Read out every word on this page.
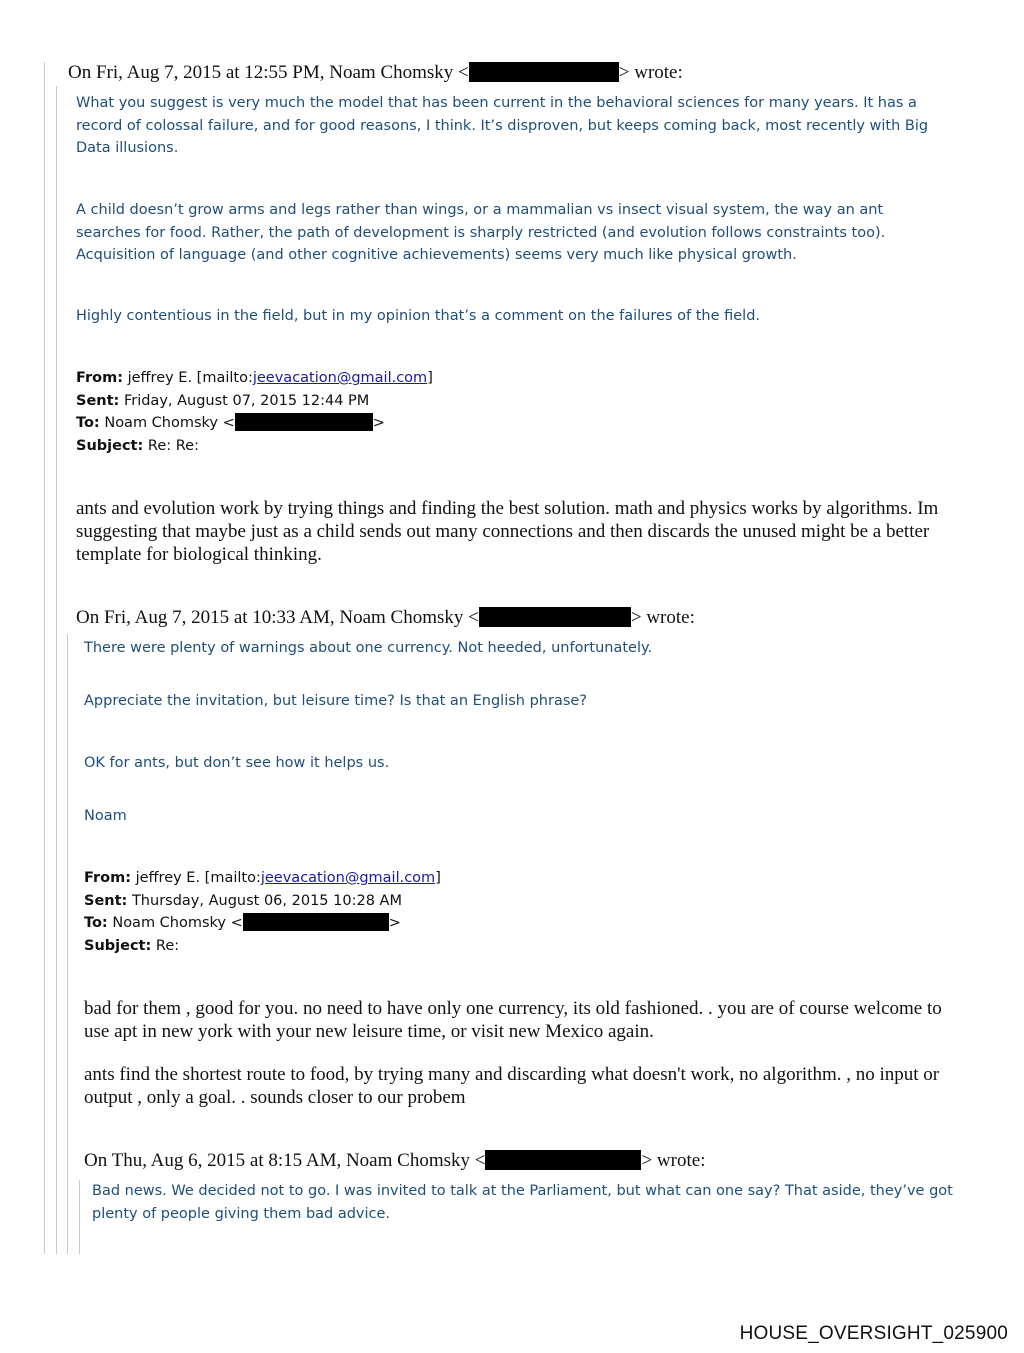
On Fri, Aug 7, 2015 at 12:55 PM, Noam Chomsky <	> wrote:

What you suggest is very much the model that has been current in the behavioral sciences for many years. It has a record of colossal failure, and for good reasons, I think. It’s disproven, but keeps coming back, most recently with Big Data illusions.

A child doesn’t grow arms and legs rather than wings, or a mammalian vs insect visual system, the way an ant searches for food. Rather, the path of development is sharply restricted (and evolution follows constraints too). Acquisition of language (and other cognitive achievements) seems very much like physical growth.

Highly contentious in the field, but in my opinion that’s a comment on the failures of the field.

From: jeffrey E. [mailto:jeevacation@gmail.com]
Sent: Friday, August 07, 2015 12:44 PM
To: Noam Chomsky <	>
Subject: Re: Re:

ants and evolution work by trying things and finding the best solution. math and physics works by algorithms. Im suggesting that maybe just as a child sends out many connections and then discards the unused might be a better template for biological thinking.

On Fri, Aug 7, 2015 at 10:33 AM, Noam Chomsky <	> wrote:

There were plenty of warnings about one currency. Not heeded, unfortunately.

Appreciate the invitation, but leisure time? Is that an English phrase?

OK for ants, but don’t see how it helps us.

Noam

From: jeffrey E. [mailto:jeevacation@gmail.com]
Sent: Thursday, August 06, 2015 10:28 AM
To: Noam Chomsky <	>
Subject: Re:

bad for them , good for you. no need to have only one currency, its old fashioned. . you are of course welcome to use apt in new york with your new leisure time, or visit new Mexico again.

ants find the shortest route to food, by trying many and discarding what doesn't work, no algorithm. , no input or output , only a goal. . sounds closer to our probem

On Thu, Aug 6, 2015 at 8:15 AM, Noam Chomsky <	> wrote:

Bad news. We decided not to go. I was invited to talk at the Parliament, but what can one say? That aside, they’ve got plenty of people giving them bad advice.

HOUSE_OVERSIGHT_025900
